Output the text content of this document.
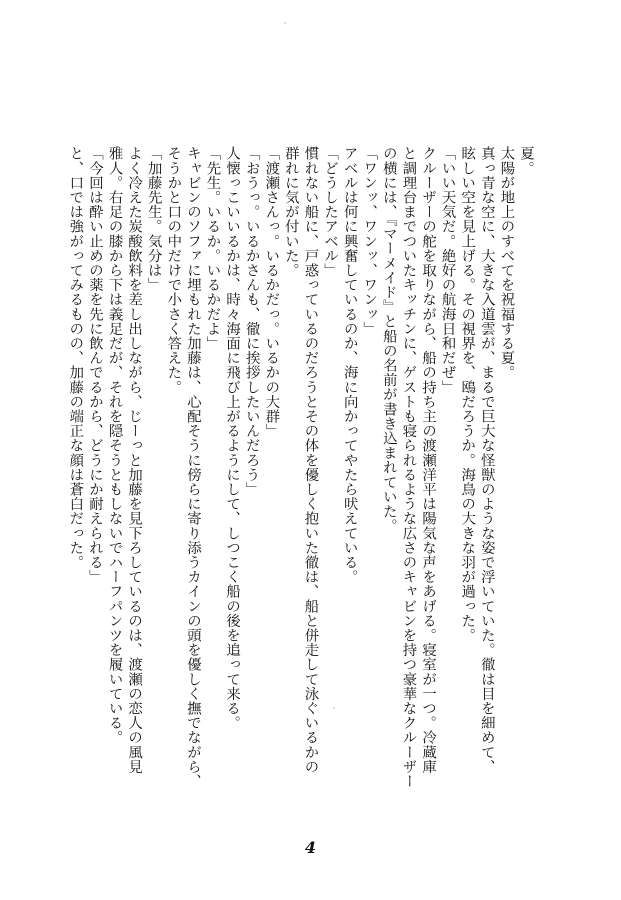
夏。
太陽が地上のすべてを祝福する夏。
真っ青な空に、大きな入道雲が、まるで巨大な怪獣のような姿で浮いていた。徹は目を細めて、
眩しい空を見上げる。その視界を、鴎だろうか。海鳥の大きな羽が過った。
「いい天気だ。絶好の航海日和だぜ」
クルーザーの舵を取りながら、船の持ち主の渡瀬洋平は陽気な声をあげる。寝室が一つ。冷蔵庫
と調理台までついたキッチンに、ゲストも寝られるような広さのキャビンを持つ豪華なクルーザー
の横には、『マーメイド』と船の名前が書き込まれていた。
「ワンッ、ワンッ、ワンッ」
アベルは何に興奮しているのか、海に向かってやたら吠えている。
「どうしたアベル」
慣れない船に、戸惑っているのだろうとその体を優しく抱いた徹は、船と併走して泳ぐいるかの
群れに気が付いた。
「渡瀬さんっ。いるかだっ。いるかの大群」
「おうっ。いるかさんも、徹に挨拶したいんだろう」
人懐っこいいるかは、時々海面に飛び上がるようにして、しつこく船の後を追って来る。
「先生。いるか。いるかだよ」
キャビンのソファに埋もれた加藤は、心配そうに傍らに寄り添うカインの頭を優しく撫でながら、
そうかと口の中だけで小さく答えた。
「加藤先生。気分は」
よく冷えた炭酸飲料を差し出しながら、じーっと加藤を見下ろしているのは、渡瀬の恋人の風見
雅人。右足の膝から下は義足だが、それを隠そうともしないでハーフパンツを履いている。
「今回は酔い止めの薬を先に飲んでるから、どうにか耐えられる」
と、口では強がってみるものの、加藤の端正な顔は蒼白だった。
4
